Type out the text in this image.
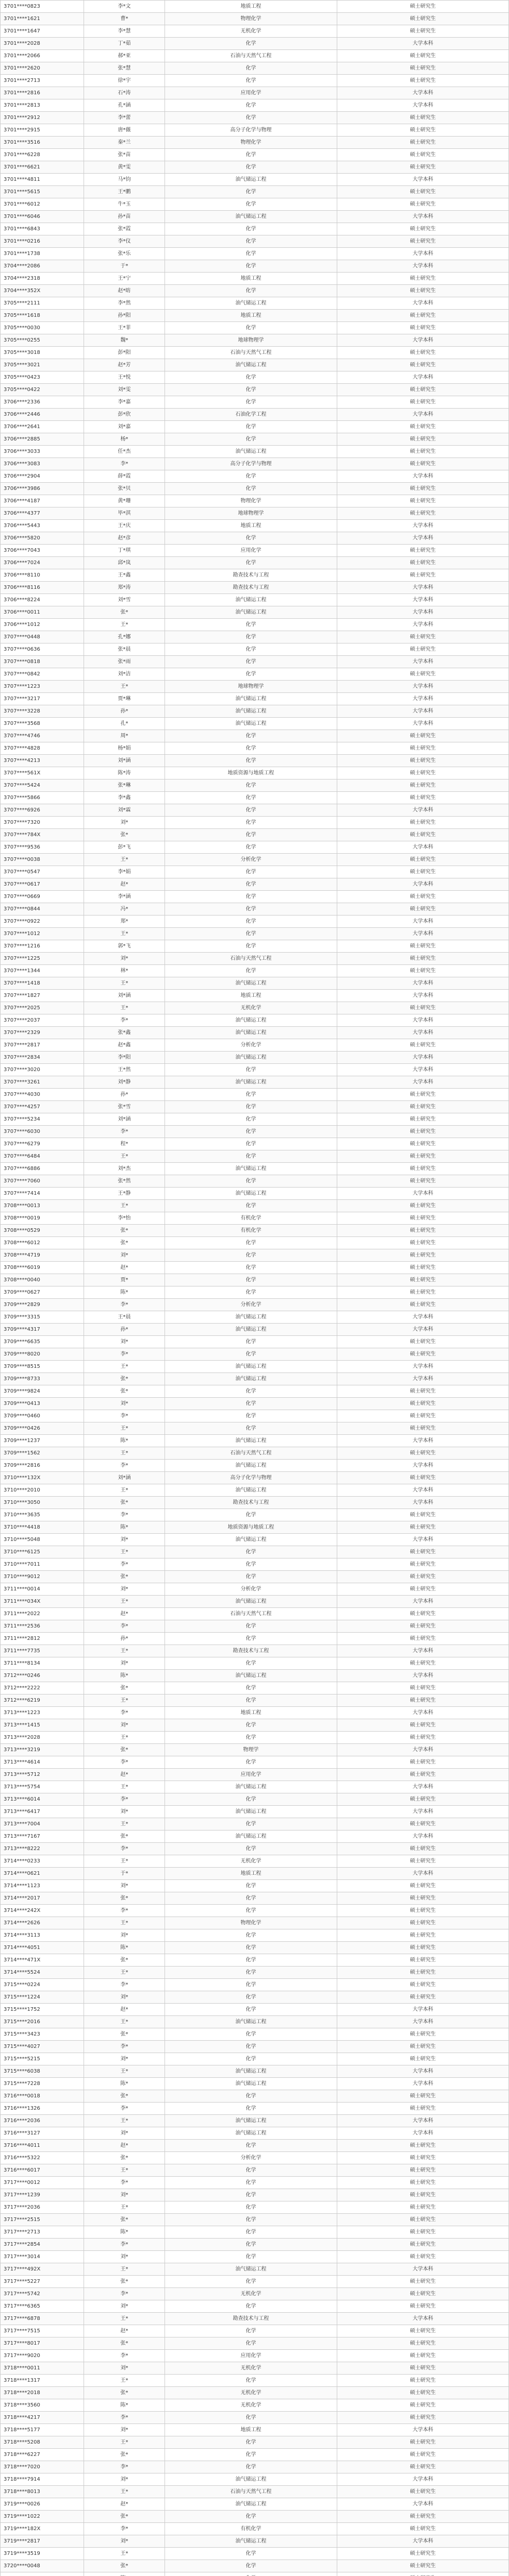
3701****0823	李*文	地质工程	硕士研究生
3701****1621	曹*	物理化学	硕士研究生
3701****1647	李*慧	无机化学	硕士研究生
3701****2028	丁*茹	化学	大学本科
3701****2066	郝*亚	石油与天然气工程	硕士研究生
3701****2620	张*慧	化学	硕士研究生
3701****2713	徐*宇	化学	硕士研究生
3701****2816	石*涛	应用化学	大学本科
3701****2813	孔*涵	化学	大学本科
3701****2912	李*蕾	化学	硕士研究生
3701****2915	唐*薇	高分子化学与物理	硕士研究生
3701****3516	秦*兰	物理化学	硕士研究生
3701****6228	张*苗	化学	硕士研究生
3701****6621	黄*雯	化学	硕士研究生
3701****4811	马*钧	油气储运工程	大学本科
3701****5615	王*鹏	化学	硕士研究生
3701****6012	牛*玉	化学	硕士研究生
3701****6046	孙*苗	油气储运工程	大学本科
3701****6843	张*霞	化学	硕士研究生
3701****0216	李*仪	化学	硕士研究生
3701****1738	张*乐	化学	大学本科
3704****2086	于*	化学	大学本科
3704****2318	王*宁	地质工程	硕士研究生
3704****352X	赵*昉	化学	硕士研究生
3705****2111	李*然	油气储运工程	大学本科
3705****1618	孙*阳	地质工程	硕士研究生
3705****0030	王*菲	化学	硕士研究生
3705****0255	魏*	地球物理学	大学本科
3705****3018	彭*阳	石油与天然气工程	硕士研究生
3705****3021	赵*芳	油气储运工程	硕士研究生
3705****0423	王*悦	化学	大学本科
3705****0422	刘*雯	化学	硕士研究生
3706****2336	李*嘉	化学	硕士研究生
3706****2446	彭*欣	石油化学工程	大学本科
3706****2641	刘*嘉	化学	硕士研究生
3706****2885	杨*	化学	硕士研究生
3706****3033	任*杰	油气储运工程	硕士研究生
3706****3083	李*	高分子化学与物理	硕士研究生
3706****2904	薛*霞	化学	大学本科
3706****3986	张*贝	化学	硕士研究生
3706****4187	黄*珊	物理化学	硕士研究生
3706****4377	毕*淇	地球物理学	硕士研究生
3706****5443	王*庆	地质工程	大学本科
3706****5820	赵*彦	化学	大学本科
3706****7043	丁*琪	应用化学	硕士研究生
3706****7024	邱*岚	化学	硕士研究生
3706****8110	王*鑫	勘查技术与工程	硕士研究生
3706****8116	郑*涛	勘查技术与工程	大学本科
3706****8224	刘*雪	油气储运工程	大学本科
3706****0011	张*	油气储运工程	大学本科
3706****1012	王*	化学	大学本科
3707****0448	孔*娜	化学	硕士研究生
3707****0636	张*晨	化学	硕士研究生
3707****0818	张*雨	化学	大学本科
3707****0842	刘*洁	化学	硕士研究生
3707****1223	王*	地球物理学	大学本科
3707****3217	贾*琳	油气储运工程	大学本科
3707****3228	孙*	油气储运工程	大学本科
3707****3568	孔*	油气储运工程	大学本科
3707****4746	周*	化学	硕士研究生
3707****4828	杨*娟	化学	硕士研究生
3707****4213	刘*涵	化学	硕士研究生
3707****561X	陈*涛	地质资源与地质工程	硕士研究生
3707****5424	张*琳	化学	硕士研究生
3707****5866	李*鑫	化学	硕士研究生
3707****6926	刘*霖	化学	大学本科
3707****7320	刘*	化学	硕士研究生
3707****784X	张*	化学	硕士研究生
3707****9536	彭*飞	化学	大学本科
3707****0038	王*	分析化学	硕士研究生
3707****0547	李*娟	化学	硕士研究生
3707****0617	赵*	化学	大学本科
3707****0669	李*涵	化学	硕士研究生
3707****0844	冯*	化学	硕士研究生
3707****0922	郑*	化学	大学本科
3707****1012	王*	化学	大学本科
3707****1216	郭*飞	化学	硕士研究生
3707****1225	刘*	石油与天然气工程	硕士研究生
3707****1344	林*	化学	硕士研究生
3707****1418	王*	油气储运工程	大学本科
3707****1827	刘*涵	地质工程	大学本科
3707****2025	王*	无机化学	硕士研究生
3707****2037	李*	油气储运工程	大学本科
3707****2329	张*鑫	油气储运工程	大学本科
3707****2817	赵*鑫	分析化学	硕士研究生
3707****2834	李*阳	油气储运工程	大学本科
3707****3020	王*然	化学	大学本科
3707****3261	刘*静	油气储运工程	大学本科
3707****4030	孙*	化学	硕士研究生
3707****4257	张*雪	化学	硕士研究生
3707****5234	刘*涵	化学	硕士研究生
3707****6030	李*	化学	硕士研究生
3707****6279	程*	化学	硕士研究生
3707****6484	王*	化学	硕士研究生
3707****6886	刘*杰	油气储运工程	硕士研究生
3707****7060	张*然	化学	硕士研究生
3707****7414	王*静	油气储运工程	大学本科
3708****0013	王*	化学	硕士研究生
3708****0019	李*怡	有机化学	硕士研究生
3708****0529	张*	有机化学	硕士研究生
3708****6012	张*	化学	硕士研究生
3708****4719	刘*	化学	硕士研究生
3708****6019	赵*	化学	硕士研究生
3708****0040	贾*	化学	硕士研究生
3709****0627	陈*	化学	硕士研究生
3709****2829	李*	分析化学	硕士研究生
3709****3315	王*晨	油气储运工程	大学本科
3709****4317	孙*	油气储运工程	大学本科
3709****6635	刘*	化学	硕士研究生
3709****8020	李*	化学	硕士研究生
3709****8515	王*	油气储运工程	大学本科
3709****8733	张*	油气储运工程	大学本科
3709****9824	张*	化学	硕士研究生
3709****0413	刘*	化学	硕士研究生
3709****0460	李*	化学	硕士研究生
3709****0426	王*	化学	硕士研究生
3709****1237	陈*	油气储运工程	大学本科
3709****1562	王*	石油与天然气工程	硕士研究生
3709****2816	李*	油气储运工程	大学本科
3710****132X	刘*涵	高分子化学与物理	硕士研究生
3710****2010	王*	油气储运工程	大学本科
3710****3050	张*	勘查技术与工程	大学本科
3710****3635	李*	化学	硕士研究生
3710****4418	陈*	地质资源与地质工程	硕士研究生
3710****5048	刘*	油气储运工程	大学本科
3710****6125	王*	化学	硕士研究生
3710****7011	李*	化学	硕士研究生
3710****9012	张*	化学	硕士研究生
3711****0014	刘*	分析化学	硕士研究生
3711****034X	王*	油气储运工程	大学本科
3711****2022	赵*	石油与天然气工程	硕士研究生
3711****2536	李*	化学	硕士研究生
3711****2812	孙*	化学	硕士研究生
3711****7735	王*	勘查技术与工程	大学本科
3711****8134	刘*	化学	硕士研究生
3712****0246	陈*	油气储运工程	大学本科
3712****2222	张*	化学	硕士研究生
3712****6219	王*	化学	硕士研究生
3713****1223	李*	地质工程	大学本科
3713****1415	刘*	化学	硕士研究生
3713****2028	王*	化学	硕士研究生
3713****3219	张*	物理学	大学本科
3713****4614	李*	化学	硕士研究生
3713****5712	赵*	应用化学	硕士研究生
3713****5754	王*	油气储运工程	大学本科
3713****6014	李*	化学	硕士研究生
3713****6417	刘*	油气储运工程	大学本科
3713****7004	王*	化学	硕士研究生
3713****7167	张*	油气储运工程	大学本科
3713****8222	李*	化学	硕士研究生
3714****0233	王*	无机化学	硕士研究生
3714****0621	于*	地质工程	大学本科
3714****1123	刘*	化学	硕士研究生
3714****2017	张*	化学	硕士研究生
3714****242X	李*	化学	硕士研究生
3714****2626	王*	物理化学	硕士研究生
3714****3113	刘*	化学	硕士研究生
3714****4051	陈*	化学	硕士研究生
3714****471X	张*	化学	硕士研究生
3714****5524	王*	化学	硕士研究生
3715****0224	李*	化学	硕士研究生
3715****1224	刘*	化学	硕士研究生
3715****1752	赵*	化学	大学本科
3715****2016	王*	油气储运工程	大学本科
3715****3423	张*	化学	硕士研究生
3715****4027	李*	化学	硕士研究生
3715****5215	刘*	化学	硕士研究生
3715****6038	王*	油气储运工程	大学本科
3715****7228	陈*	油气储运工程	大学本科
3716****0018	张*	化学	硕士研究生
3716****1326	李*	化学	硕士研究生
3716****2036	王*	油气储运工程	大学本科
3716****3127	刘*	油气储运工程	大学本科
3716****4011	赵*	化学	硕士研究生
3716****5322	张*	分析化学	硕士研究生
3716****6017	王*	化学	硕士研究生
3717****0012	李*	化学	硕士研究生
3717****1239	刘*	化学	硕士研究生
3717****2036	王*	化学	硕士研究生
3717****2515	张*	化学	硕士研究生
3717****2713	陈*	化学	硕士研究生
3717****2854	李*	化学	硕士研究生
3717****3014	刘*	化学	硕士研究生
3717****492X	王*	油气储运工程	大学本科
3717****5227	张*	化学	硕士研究生
3717****5742	李*	无机化学	硕士研究生
3717****6365	刘*	化学	硕士研究生
3717****6878	王*	勘查技术与工程	大学本科
3717****7515	赵*	化学	硕士研究生
3717****8017	张*	化学	硕士研究生
3717****9020	李*	应用化学	硕士研究生
3718****0011	刘*	无机化学	硕士研究生
3718****1317	王*	化学	硕士研究生
3718****2018	张*	无机化学	硕士研究生
3718****3560	陈*	无机化学	硕士研究生
3718****4217	李*	化学	硕士研究生
3718****5177	刘*	地质工程	大学本科
3718****5208	王*	化学	硕士研究生
3718****6227	张*	化学	硕士研究生
3718****7020	李*	化学	硕士研究生
3718****7914	刘*	油气储运工程	大学本科
3718****8013	王*	石油与天然气工程	硕士研究生
3719****0026	赵*	油气储运工程	大学本科
3719****1022	张*	化学	硕士研究生
3719****182X	李*	有机化学	硕士研究生
3719****2817	刘*	油气储运工程	大学本科
3719****3519	王*	化学	硕士研究生
3720****0048	张*	化学	硕士研究生
